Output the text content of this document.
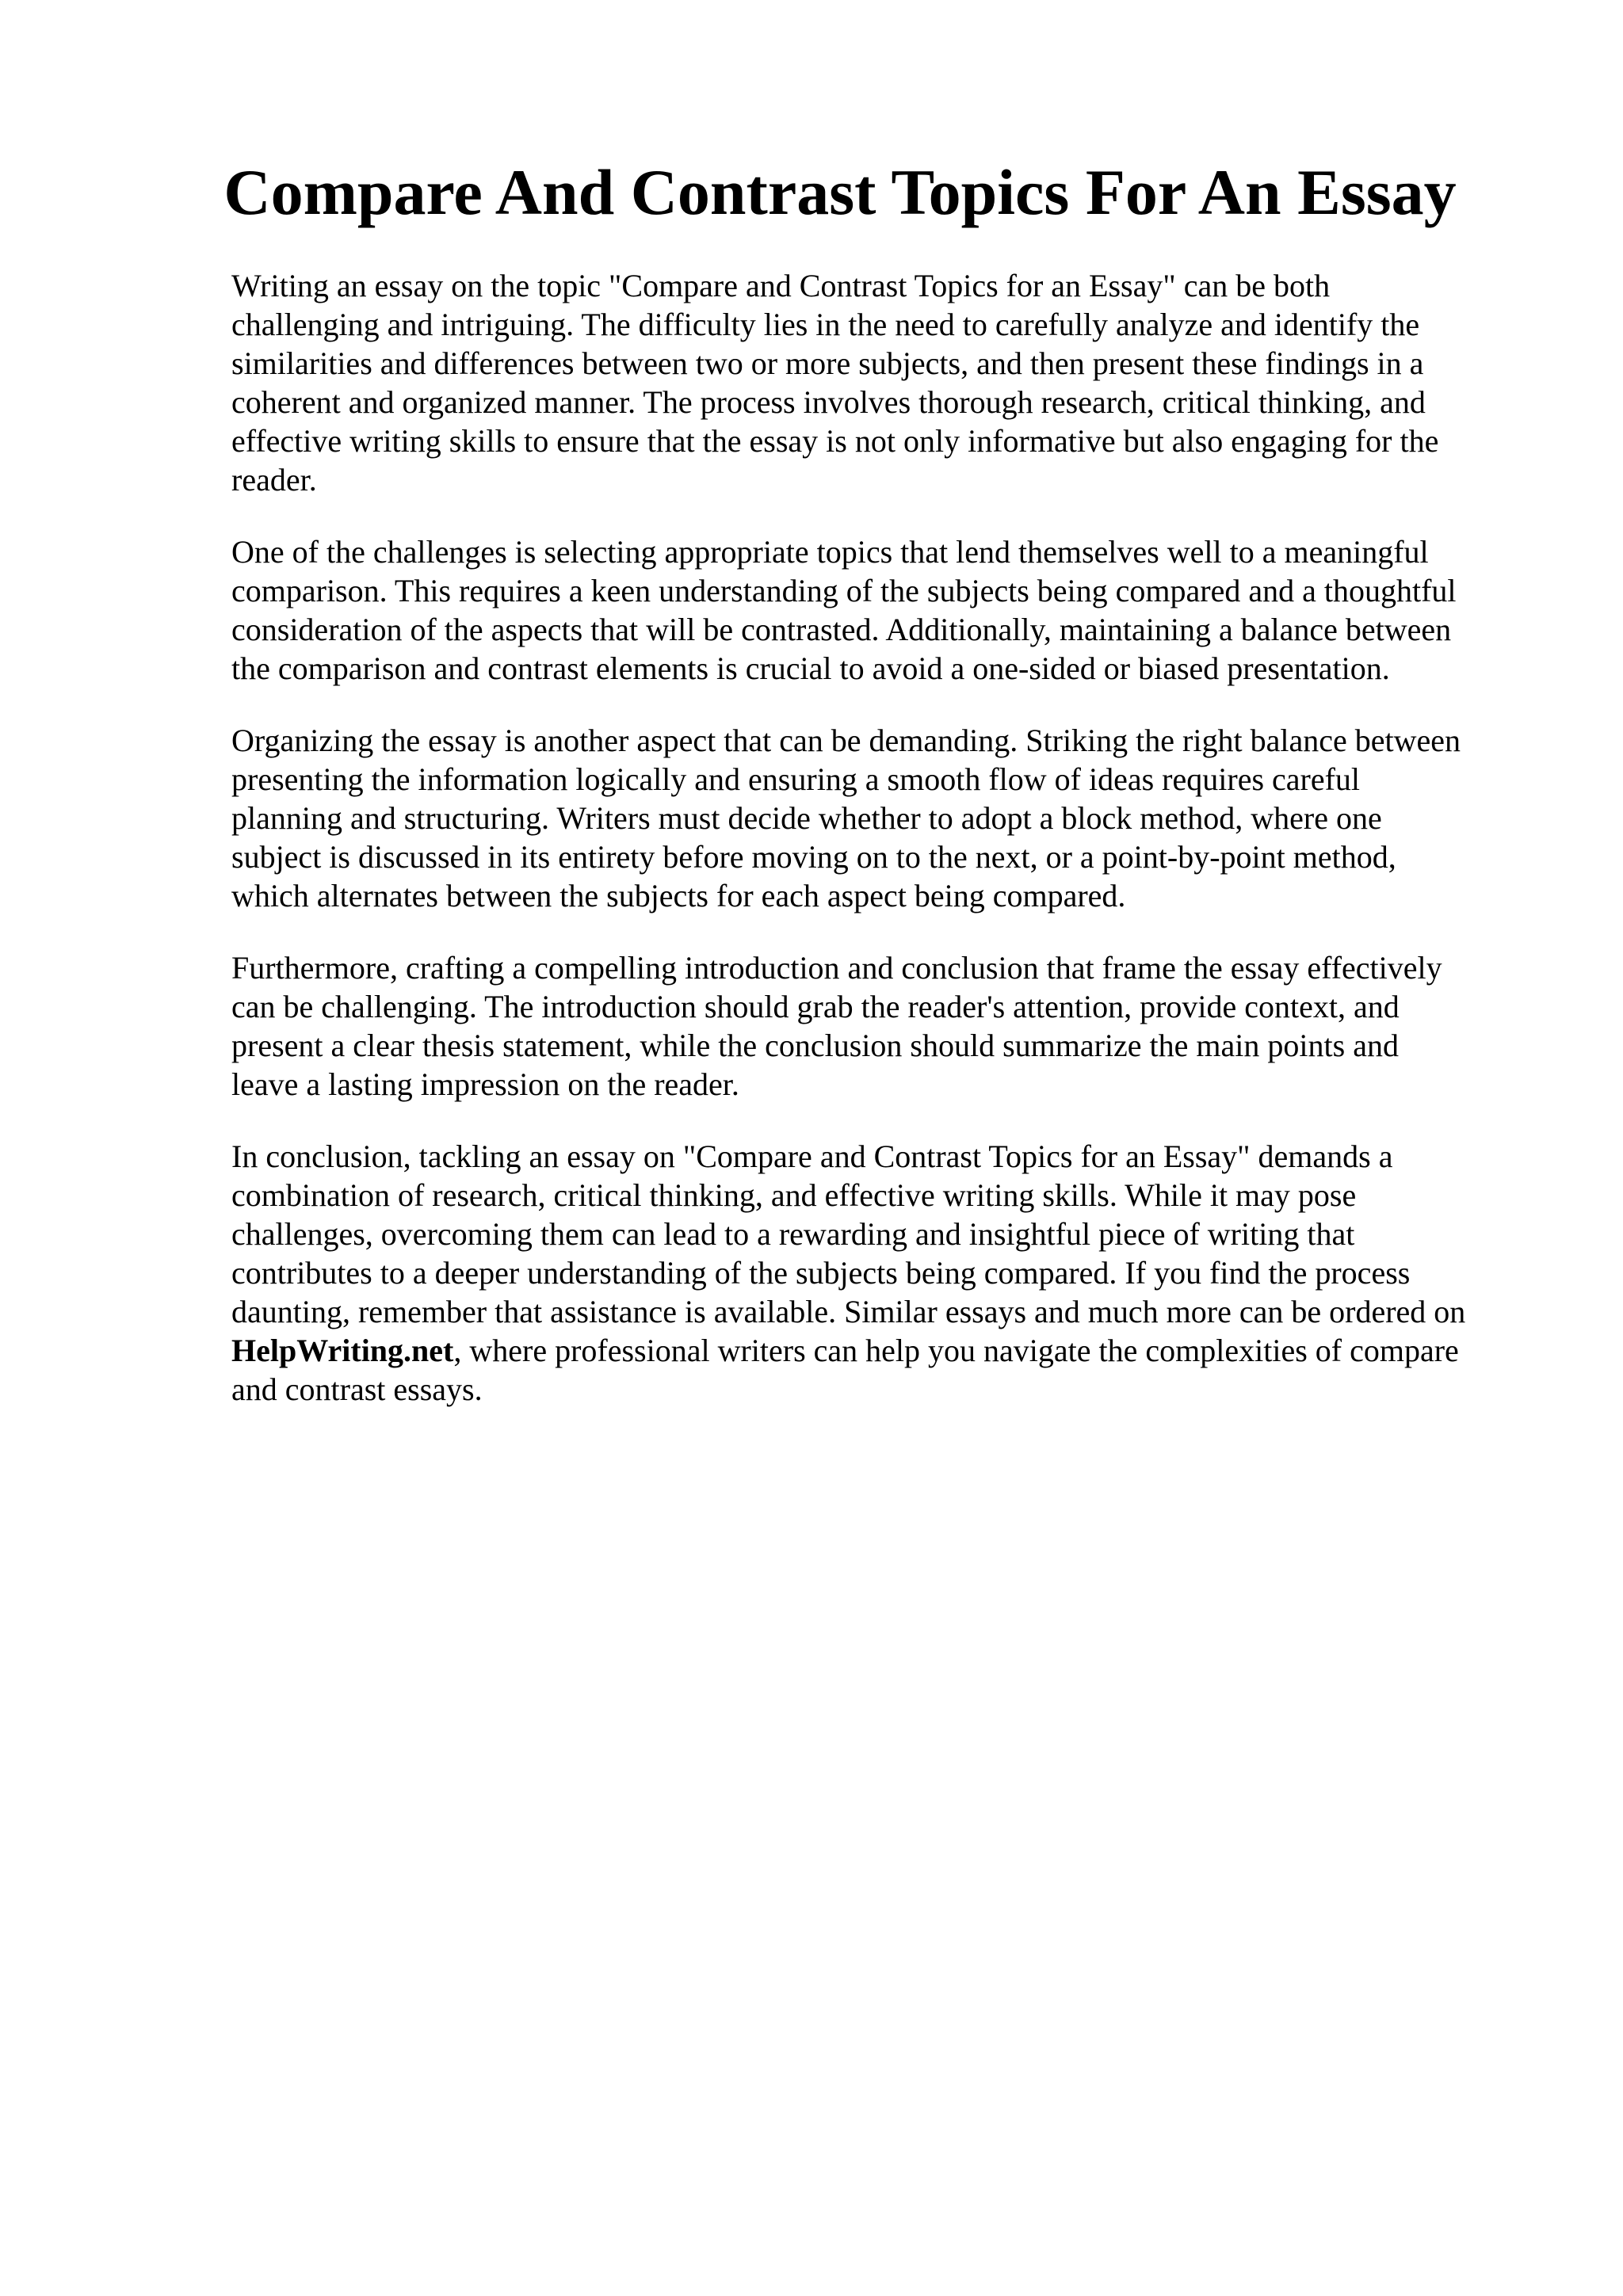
Compare And Contrast Topics For An Essay

Writing an essay on the topic "Compare and Contrast Topics for an Essay" can be both
challenging and intriguing. The difficulty lies in the need to carefully analyze and identify the
similarities and differences between two or more subjects, and then present these findings in a
coherent and organized manner. The process involves thorough research, critical thinking, and
effective writing skills to ensure that the essay is not only informative but also engaging for the
reader.

One of the challenges is selecting appropriate topics that lend themselves well to a meaningful
comparison. This requires a keen understanding of the subjects being compared and a thoughtful
consideration of the aspects that will be contrasted. Additionally, maintaining a balance between
the comparison and contrast elements is crucial to avoid a one-sided or biased presentation.

Organizing the essay is another aspect that can be demanding. Striking the right balance between
presenting the information logically and ensuring a smooth flow of ideas requires careful
planning and structuring. Writers must decide whether to adopt a block method, where one
subject is discussed in its entirety before moving on to the next, or a point-by-point method,
which alternates between the subjects for each aspect being compared.

Furthermore, crafting a compelling introduction and conclusion that frame the essay effectively
can be challenging. The introduction should grab the reader's attention, provide context, and
present a clear thesis statement, while the conclusion should summarize the main points and
leave a lasting impression on the reader.

In conclusion, tackling an essay on "Compare and Contrast Topics for an Essay" demands a
combination of research, critical thinking, and effective writing skills. While it may pose
challenges, overcoming them can lead to a rewarding and insightful piece of writing that
contributes to a deeper understanding of the subjects being compared. If you find the process
daunting, remember that assistance is available. Similar essays and much more can be ordered on
HelpWriting.net, where professional writers can help you navigate the complexities of compare
and contrast essays.
